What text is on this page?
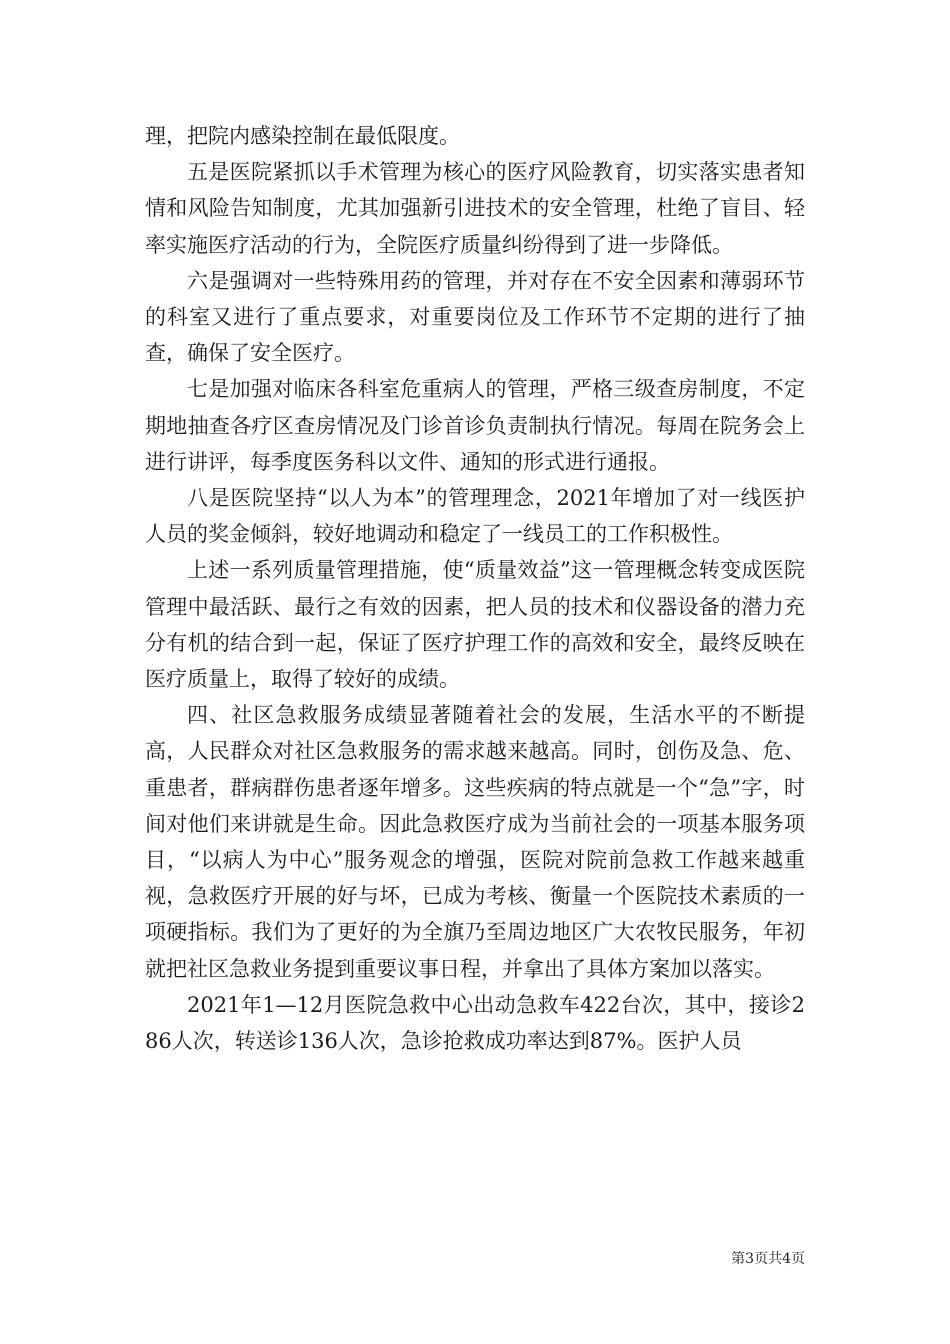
理，把院内感染控制在最低限度。

五是医院紧抓以手术管理为核心的医疗风险教育，切实落实患者知情和风险告知制度，尤其加强新引进技术的安全管理，杜绝了盲目、轻率实施医疗活动的行为，全院医疗质量纠纷得到了进一步降低。

六是强调对一些特殊用药的管理，并对存在不安全因素和薄弱环节的科室又进行了重点要求，对重要岗位及工作环节不定期的进行了抽查，确保了安全医疗。

七是加强对临床各科室危重病人的管理，严格三级查房制度，不定期地抽查各疗区查房情况及门诊首诊负责制执行情况。每周在院务会上进行讲评，每季度医务科以文件、通知的形式进行通报。

八是医院坚持“以人为本”的管理理念，2021年增加了对一线医护人员的奖金倾斜，较好地调动和稳定了一线员工的工作积极性。

上述一系列质量管理措施，使“质量效益”这一管理概念转变成医院管理中最活跃、最行之有效的因素，把人员的技术和仪器设备的潜力充分有机的结合到一起，保证了医疗护理工作的高效和安全，最终反映在医疗质量上，取得了较好的成绩。

四、社区急救服务成绩显著随着社会的发展，生活水平的不断提高，人民群众对社区急救服务的需求越来越高。同时，创伤及急、危、重患者，群病群伤患者逐年增多。这些疾病的特点就是一个“急”字，时间对他们来讲就是生命。因此急救医疗成为当前社会的一项基本服务项目，“以病人为中心”服务观念的增强，医院对院前急救工作越来越重视，急救医疗开展的好与坏，已成为考核、衡量一个医院技术素质的一项硬指标。我们为了更好的为全旗乃至周边地区广大农牧民服务，年初就把社区急救业务提到重要议事日程，并拿出了具体方案加以落实。

2021年1—12月医院急救中心出动急救车422台次，其中，接诊286人次，转送诊136人次，急诊抢救成功率达到87%。医护人员

第3页共4页
